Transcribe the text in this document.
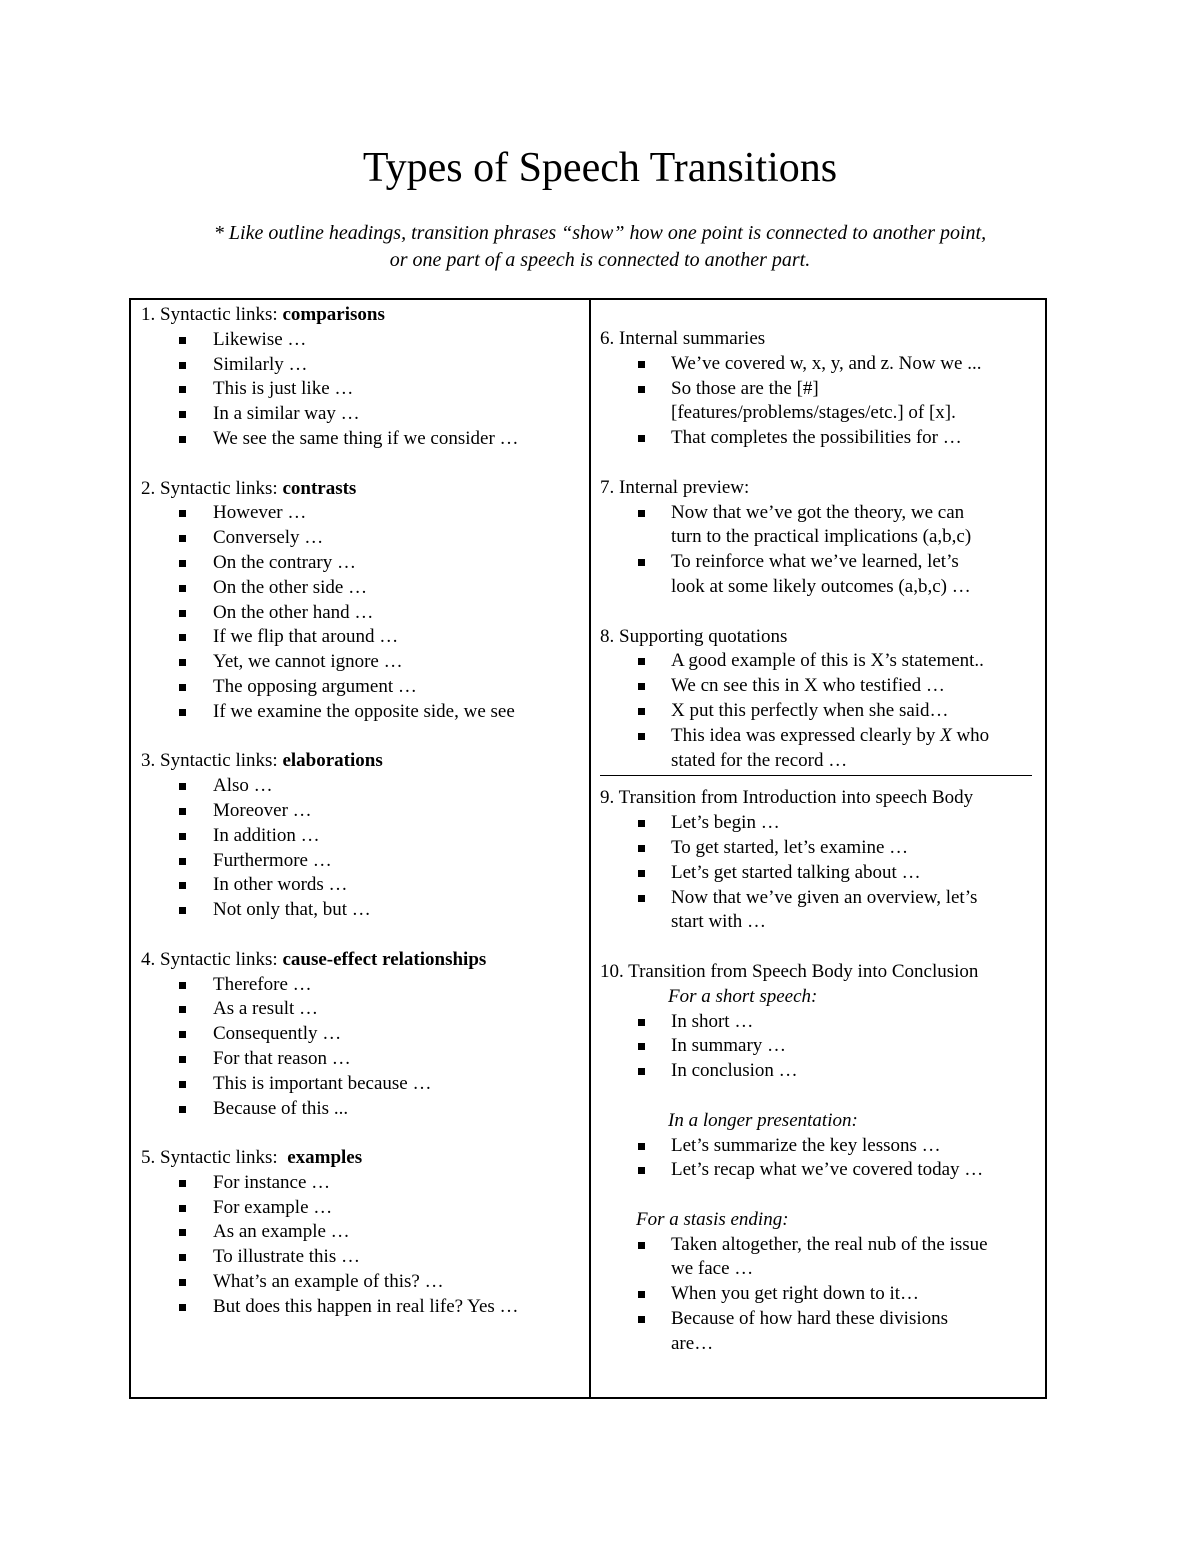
Types of Speech Transitions
* Like outline headings, transition phrases “show” how one point is connected to another point,
or one part of a speech is connected to another part.

1. Syntactic links: comparisons

Likewise …
Similarly …
This is just like …
In a similar way …
We see the same thing if we consider …

2. Syntactic links: contrasts

However …
Conversely …
On the contrary …
On the other side …
On the other hand …
If we flip that around …
Yet, we cannot ignore …
The opposing argument …
If we examine the opposite side, we see

3. Syntactic links: elaborations

Also …
Moreover …
In addition …
Furthermore …
In other words …
Not only that, but …

4. Syntactic links: cause-effect relationships

Therefore …
As a result …
Consequently …
For that reason …
This is important because …
Because of this ...

5. Syntactic links:  examples

For instance …
For example …
As an example …
To illustrate this …
What’s an example of this? …
But does this happen in real life? Yes …

6. Internal summaries

We’ve covered w, x, y, and z. Now we ...
So those are the [#]
[features/problems/stages/etc.] of [x].
That completes the possibilities for …

7. Internal preview:

Now that we’ve got the theory, we can
turn to the practical implications (a,b,c)
To reinforce what we’ve learned, let’s
look at some likely outcomes (a,b,c) …

8. Supporting quotations

A good example of this is X’s statement..
We cn see this in X who testified …
X put this perfectly when she said…
This idea was expressed clearly by X who
stated for the record …

9. Transition from Introduction into speech Body

Let’s begin …
To get started, let’s examine …
Let’s get started talking about …
Now that we’ve given an overview, let’s
start with …

10. Transition from Speech Body into Conclusion

For a short speech:

In short …
In summary …
In conclusion …

In a longer presentation:

Let’s summarize the key lessons …
Let’s recap what we’ve covered today …

For a stasis ending:

Taken altogether, the real nub of the issue
we face …
When you get right down to it…
Because of how hard these divisions
are…
